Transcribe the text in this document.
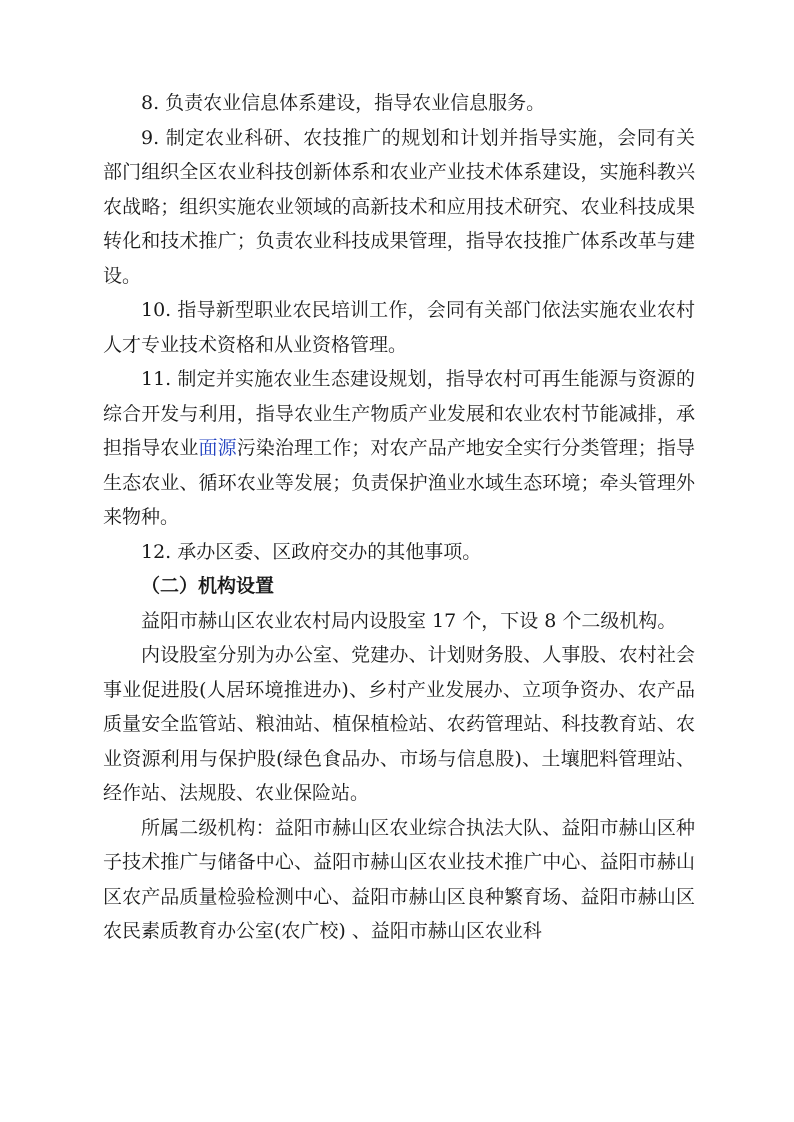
8. 负责农业信息体系建设，指导农业信息服务。

9. 制定农业科研、农技推广的规划和计划并指导实施，会同有关部门组织全区农业科技创新体系和农业产业技术体系建设，实施科教兴农战略；组织实施农业领域的高新技术和应用技术研究、农业科技成果转化和技术推广；负责农业科技成果管理，指导农技推广体系改革与建设。

10. 指导新型职业农民培训工作，会同有关部门依法实施农业农村人才专业技术资格和从业资格管理。

11. 制定并实施农业生态建设规划，指导农村可再生能源与资源的综合开发与利用，指导农业生产物质产业发展和农业农村节能减排，承担指导农业面源污染治理工作；对农产品产地安全实行分类管理；指导生态农业、循环农业等发展；负责保护渔业水域生态环境；牵头管理外来物种。

12. 承办区委、区政府交办的其他事项。

（二）机构设置

益阳市赫山区农业农村局内设股室 17 个，下设 8 个二级机构。

内设股室分别为办公室、党建办、计划财务股、人事股、农村社会事业促进股(人居环境推进办)、乡村产业发展办、立项争资办、农产品质量安全监管站、粮油站、植保植检站、农药管理站、科技教育站、农业资源利用与保护股(绿色食品办、市场与信息股)、土壤肥料管理站、经作站、法规股、农业保险站。

所属二级机构：益阳市赫山区农业综合执法大队、益阳市赫山区种子技术推广与储备中心、益阳市赫山区农业技术推广中心、益阳市赫山区农产品质量检验检测中心、益阳市赫山区良种繁育场、益阳市赫山区农民素质教育办公室(农广校) 、益阳市赫山区农业科
